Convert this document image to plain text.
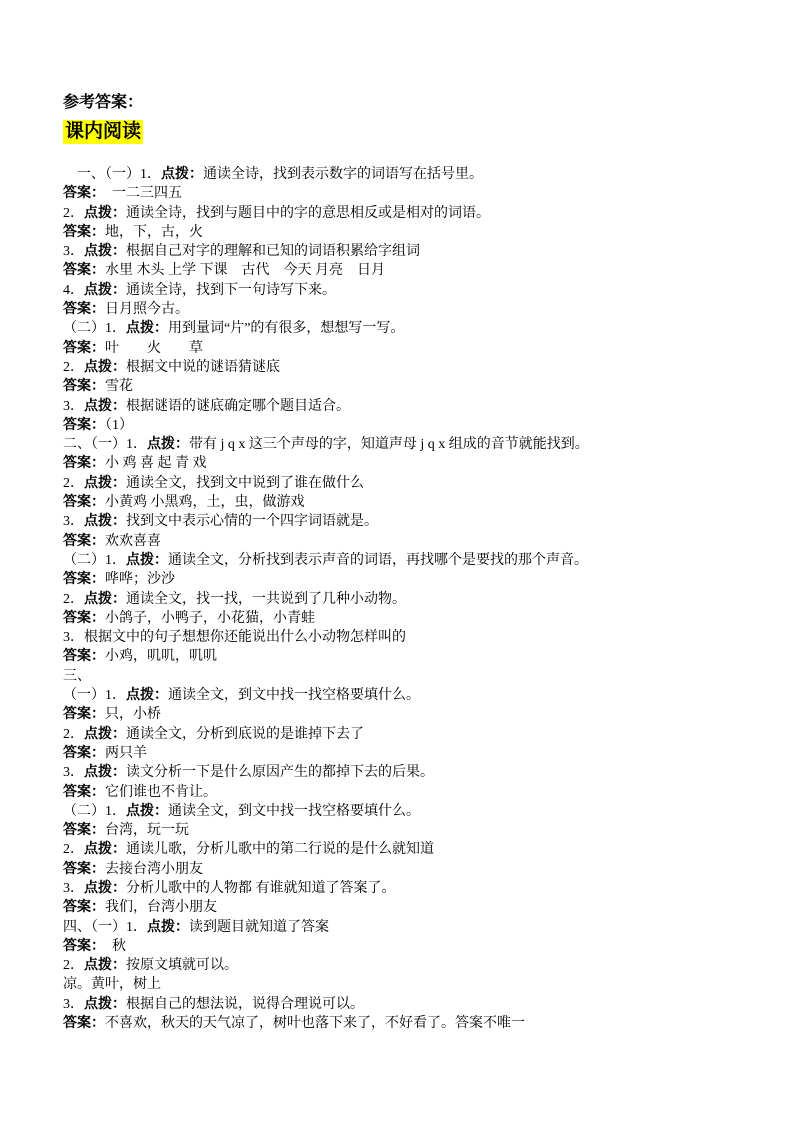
参考答案：
课内阅读
　一、（一）1．点拨：通读全诗，找到表示数字的词语写在括号里。
答案：　一二三四五
2．点拨：通读全诗，找到与题目中的字的意思相反或是相对的词语。
答案：地，下，古，火
3．点拨：根据自己对字的理解和已知的词语积累给字组词
答案：水里 木头 上学 下课　古代　今天 月亮　日月
4．点拨：通读全诗，找到下一句诗写下来。
答案：日月照今古。
（二）1．点拨：用到量词“片”的有很多，想想写一写。
答案：叶　　火　　草
2．点拨：根据文中说的谜语猜谜底
答案：雪花
3．点拨：根据谜语的谜底确定哪个题目适合。
答案：（1）
二、（一）1．点拨：带有 j q x 这三个声母的字，知道声母 j q x 组成的音节就能找到。
答案：小 鸡 喜 起 青 戏
2．点拨：通读全文，找到文中说到了谁在做什么
答案：小黄鸡 小黑鸡，土，虫，做游戏
3．点拨：找到文中表示心情的一个四字词语就是。
答案：欢欢喜喜
（二）1．点拨：通读全文，分析找到表示声音的词语，再找哪个是要找的那个声音。
答案：哗哗；沙沙
2．点拨：通读全文，找一找，一共说到了几种小动物。
答案：小鸽子，小鸭子，小花猫，小青蛙
3．根据文中的句子想想你还能说出什么小动物怎样叫的
答案：小鸡，叽叽，叽叽
三、
（一）1．点拨：通读全文，到文中找一找空格要填什么。
答案：只，小桥
2．点拨：通读全文，分析到底说的是谁掉下去了
答案：两只羊
3．点拨：读文分析一下是什么原因产生的都掉下去的后果。
答案：它们谁也不肯让。
（二）1．点拨：通读全文，到文中找一找空格要填什么。
答案：台湾，玩一玩
2．点拨：通读儿歌，分析儿歌中的第二行说的是什么就知道
答案：去接台湾小朋友
3．点拨：分析儿歌中的人物都 有谁就知道了答案了。
答案：我们，台湾小朋友
四、（一）1．点拨：读到题目就知道了答案
答案：　秋
2．点拨：按原文填就可以。
凉。黄叶，树上
3．点拨：根据自己的想法说，说得合理说可以。
答案：不喜欢，秋天的天气凉了，树叶也落下来了，不好看了。答案不唯一
